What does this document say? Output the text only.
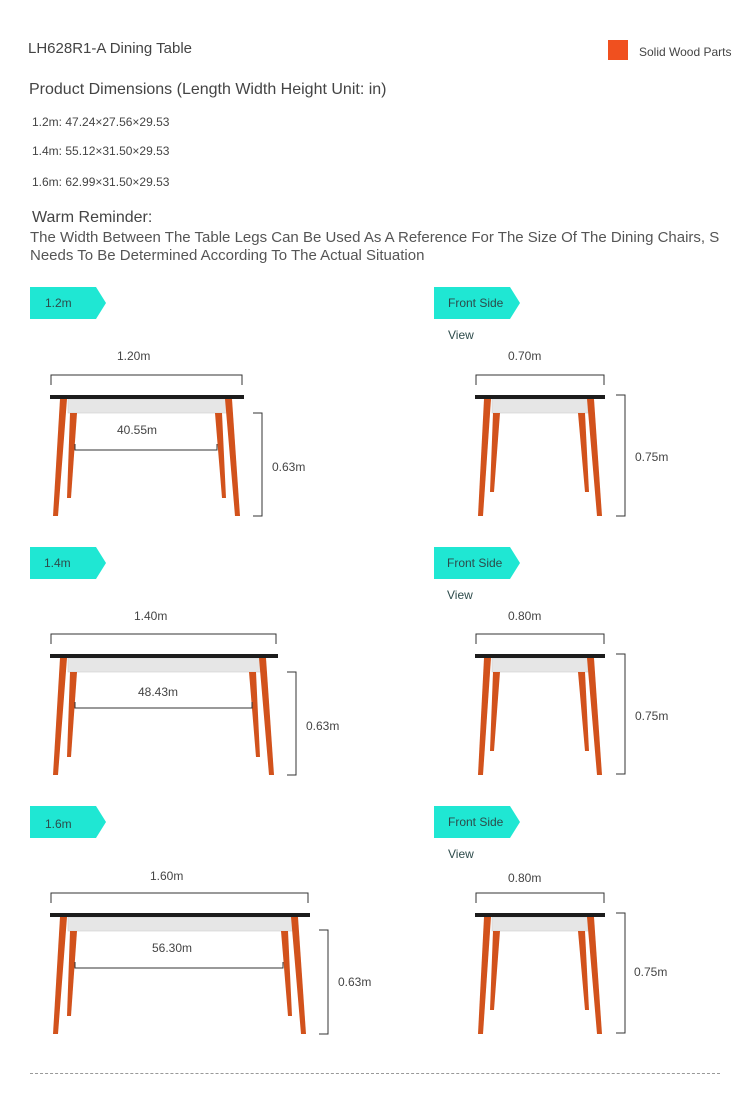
LH628R1-A Dining Table	Solid Wood Parts
Product Dimensions (Length Width Height Unit: in)
1.2m: 47.24×27.56×29.53
1.4m: 55.12×31.50×29.53
1.6m: 62.99×31.50×29.53
Warm Reminder:
The Width Between The Table Legs Can Be Used As A Reference For The Size Of The Dining Chairs, S
Needs To Be Determined According To The Actual Situation
1.2m	Front Side View
1.20m
40.55m
0.63m
0.70m
0.75m
1.4m	Front Side View
1.40m
48.43m
0.63m
0.80m
0.75m
1.6m	Front Side View
1.60m
56.30m
0.63m
0.80m
0.75m
